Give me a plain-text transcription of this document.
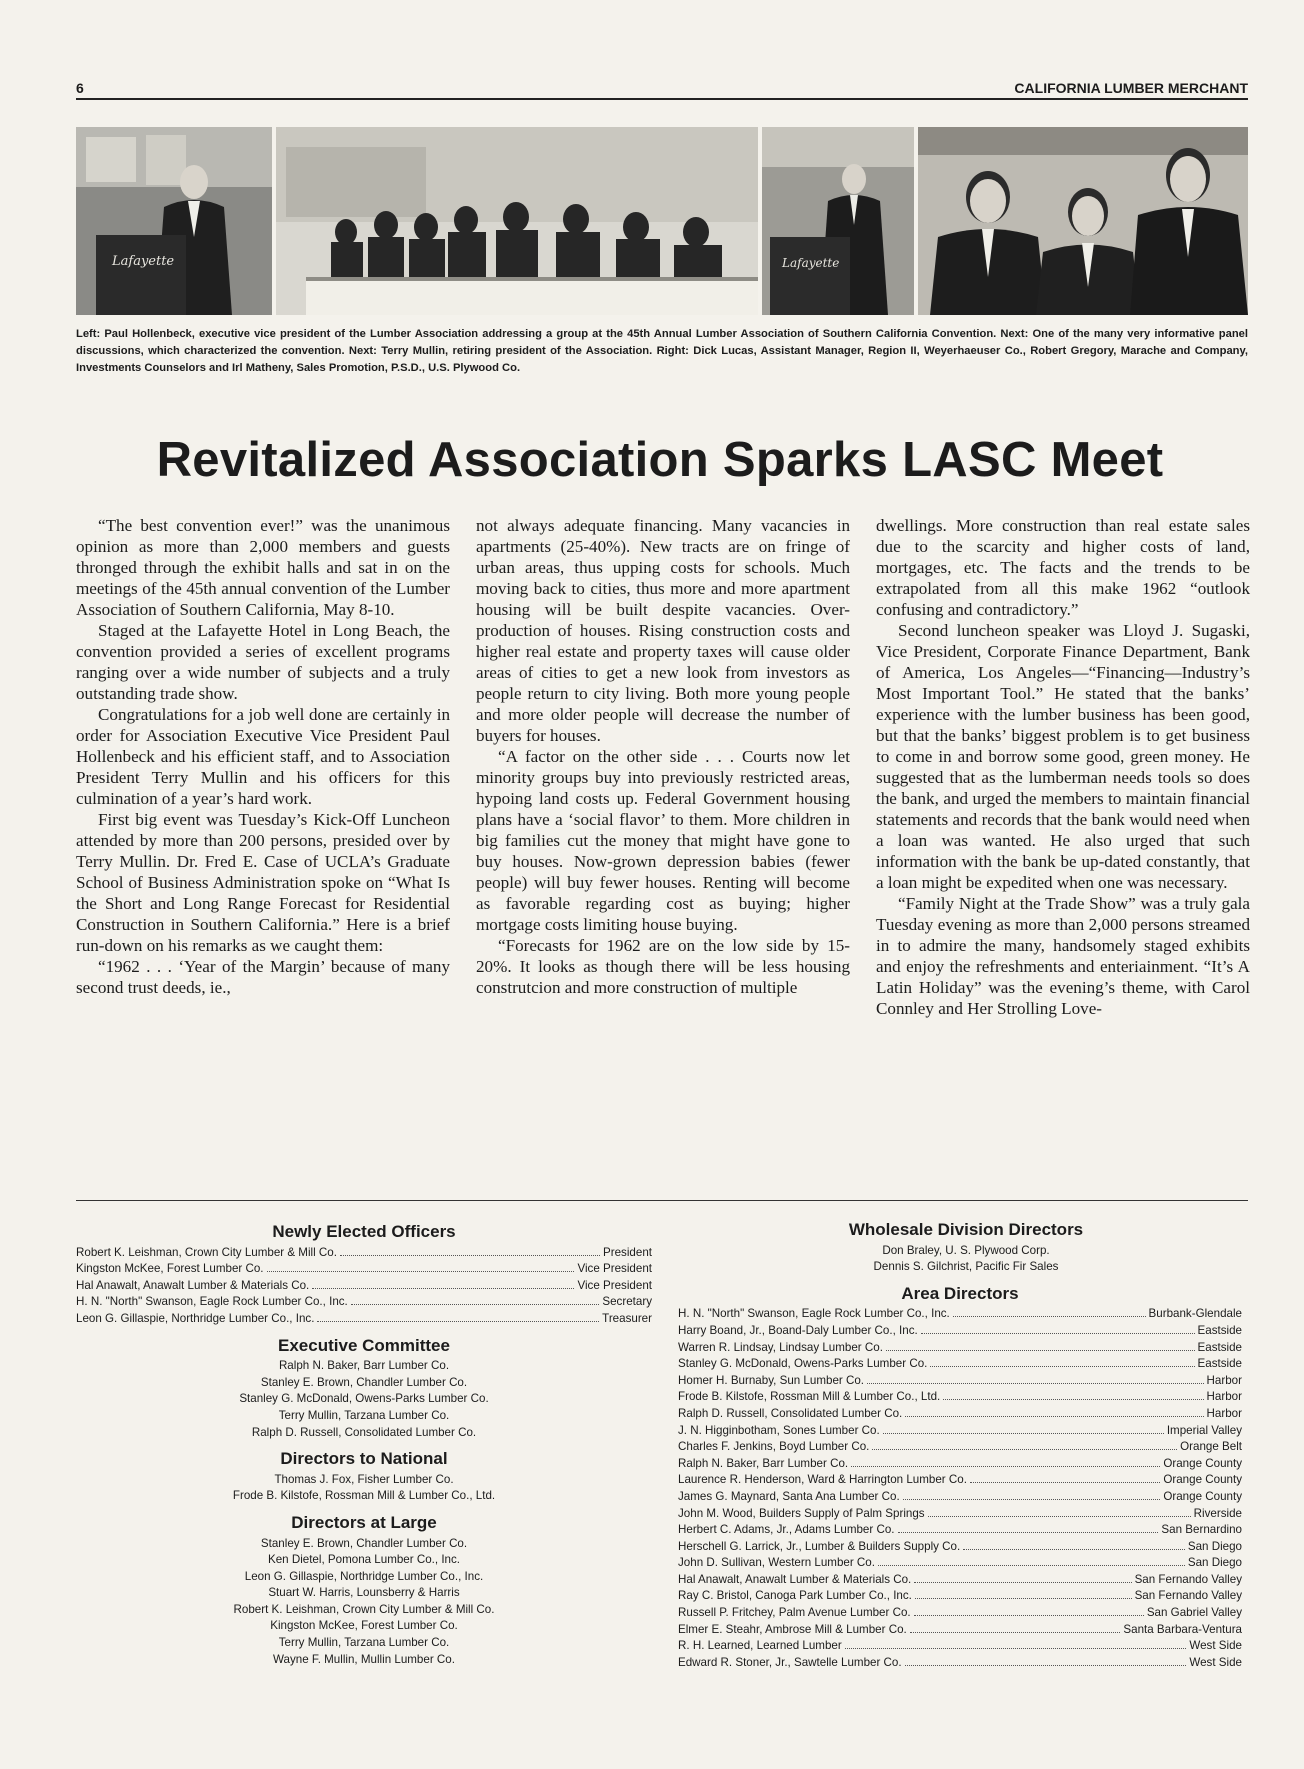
6	CALIFORNIA LUMBER MERCHANT
Lafayette	Lafayette
Left: Paul Hollenbeck, executive vice president of the Lumber Association addressing a group at the 45th Annual Lumber Association of Southern California Convention. Next: One of the many very informative panel discussions, which characterized the convention. Next: Terry Mullin, retiring president of the Association. Right: Dick Lucas, Assistant Manager, Region II, Weyerhaeuser Co., Robert Gregory, Marache and Company, Investments Counselors and Irl Matheny, Sales Promotion, P.S.D., U.S. Plywood Co.
Revitalized Association Sparks LASC Meet

“The best convention ever!” was the unanimous opinion as more than 2,000 members and guests thronged through the exhibit halls and sat in on the meetings of the 45th annual convention of the Lumber Association of Southern California, May 8-10.

Staged at the Lafayette Hotel in Long Beach, the convention provided a series of excellent programs ranging over a wide number of subjects and a truly outstanding trade show.

Congratulations for a job well done are certainly in order for Association Executive Vice President Paul Hollenbeck and his efficient staff, and to Association President Terry Mullin and his officers for this culmination of a year’s hard work.

First big event was Tuesday’s Kick-Off Luncheon attended by more than 200 persons, presided over by Terry Mullin. Dr. Fred E. Case of UCLA’s Graduate School of Business Administration spoke on “What Is the Short and Long Range Forecast for Residential Construction in Southern California.” Here is a brief run-down on his remarks as we caught them:

“1962 . . . ‘Year of the Margin’ because of many second trust deeds, ie.,

not always adequate financing. Many vacancies in apartments (25-40%). New tracts are on fringe of urban areas, thus upping costs for schools. Much moving back to cities, thus more and more apartment housing will be built despite vacancies. Over-production of houses. Rising construction costs and higher real estate and property taxes will cause older areas of cities to get a new look from investors as people return to city living. Both more young people and more older people will decrease the number of buyers for houses.

“A factor on the other side . . . Courts now let minority groups buy into previously restricted areas, hypoing land costs up. Federal Government housing plans have a ‘social flavor’ to them. More children in big families cut the money that might have gone to buy houses. Now-grown depression babies (fewer people) will buy fewer houses. Renting will become as favorable regarding cost as buying; higher mortgage costs limiting house buying.

“Forecasts for 1962 are on the low side by 15-20%. It looks as though there will be less housing construtcion and more construction of multiple

dwellings. More construction than real estate sales due to the scarcity and higher costs of land, mortgages, etc. The facts and the trends to be extrapolated from all this make 1962 “outlook confusing and contradictory.”

Second luncheon speaker was Lloyd J. Sugaski, Vice President, Corporate Finance Department, Bank of America, Los Angeles—“Financing—Industry’s Most Important Tool.” He stated that the banks’ experience with the lumber business has been good, but that the banks’ biggest problem is to get business to come in and borrow some good, green money. He suggested that as the lumberman needs tools so does the bank, and urged the members to maintain financial statements and records that the bank would need when a loan was wanted. He also urged that such information with the bank be up-dated constantly, that a loan might be expedited when one was necessary.

“Family Night at the Trade Show” was a truly gala Tuesday evening as more than 2,000 persons streamed in to admire the many, handsomely staged exhibits and enjoy the refreshments and enteriainment. “It’s A Latin Holiday” was the evening’s theme, with Carol Connley and Her Strolling Love-

Newly Elected Officers
Robert K. Leishman, Crown City Lumber & Mill Co.	President
Kingston McKee, Forest Lumber Co.	Vice President
Hal Anawalt, Anawalt Lumber & Materials Co.	Vice President
H. N. "North" Swanson, Eagle Rock Lumber Co., Inc.	Secretary
Leon G. Gillaspie, Northridge Lumber Co., Inc.	Treasurer
Executive Committee
Ralph N. Baker, Barr Lumber Co.
Stanley E. Brown, Chandler Lumber Co.
Stanley G. McDonald, Owens-Parks Lumber Co.
Terry Mullin, Tarzana Lumber Co.
Ralph D. Russell, Consolidated Lumber Co.
Directors to National
Thomas J. Fox, Fisher Lumber Co.
Frode B. Kilstofe, Rossman Mill & Lumber Co., Ltd.
Directors at Large
Stanley E. Brown, Chandler Lumber Co.
Ken Dietel, Pomona Lumber Co., Inc.
Leon G. Gillaspie, Northridge Lumber Co., Inc.
Stuart W. Harris, Lounsberry & Harris
Robert K. Leishman, Crown City Lumber & Mill Co.
Kingston McKee, Forest Lumber Co.
Terry Mullin, Tarzana Lumber Co.
Wayne F. Mullin, Mullin Lumber Co.
Wholesale Division Directors
Don Braley, U. S. Plywood Corp.
Dennis S. Gilchrist, Pacific Fir Sales
Area Directors
H. N. "North" Swanson, Eagle Rock Lumber Co., Inc.	Burbank-Glendale
Harry Boand, Jr., Boand-Daly Lumber Co., Inc.	Eastside
Warren R. Lindsay, Lindsay Lumber Co.	Eastside
Stanley G. McDonald, Owens-Parks Lumber Co.	Eastside
Homer H. Burnaby, Sun Lumber Co.	Harbor
Frode B. Kilstofe, Rossman Mill & Lumber Co., Ltd.	Harbor
Ralph D. Russell, Consolidated Lumber Co.	Harbor
J. N. Higginbotham, Sones Lumber Co.	Imperial Valley
Charles F. Jenkins, Boyd Lumber Co.	Orange Belt
Ralph N. Baker, Barr Lumber Co.	Orange County
Laurence R. Henderson, Ward & Harrington Lumber Co.	Orange County
James G. Maynard, Santa Ana Lumber Co.	Orange County
John M. Wood, Builders Supply of Palm Springs	Riverside
Herbert C. Adams, Jr., Adams Lumber Co.	San Bernardino
Herschell G. Larrick, Jr., Lumber & Builders Supply Co.	San Diego
John D. Sullivan, Western Lumber Co.	San Diego
Hal Anawalt, Anawalt Lumber & Materials Co.	San Fernando Valley
Ray C. Bristol, Canoga Park Lumber Co., Inc.	San Fernando Valley
Russell P. Fritchey, Palm Avenue Lumber Co.	San Gabriel Valley
Elmer E. Steahr, Ambrose Mill & Lumber Co.	Santa Barbara-Ventura
R. H. Learned, Learned Lumber	West Side
Edward R. Stoner, Jr., Sawtelle Lumber Co.	West Side
